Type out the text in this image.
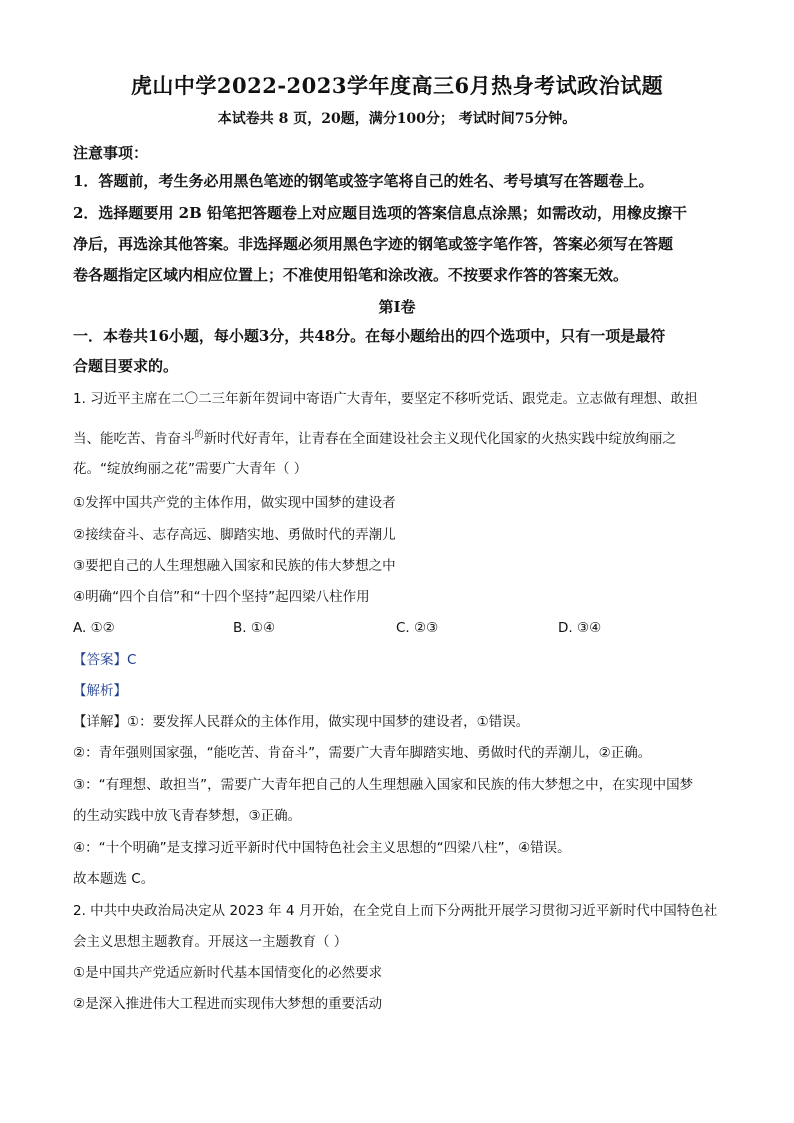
虎山中学2022-2023学年度高三6月热身考试政治试题
本试卷共 8 页，20题，满分100分； 考试时间75分钟。
注意事项：
1．答题前，考生务必用黑色笔迹的钢笔或签字笔将自己的姓名、考号填写在答题卷上。
2．选择题要用 2B 铅笔把答题卷上对应题目选项的答案信息点涂黑；如需改动，用橡皮擦干
净后，再选涂其他答案。非选择题必须用黑色字迹的钢笔或签字笔作答，答案必须写在答题
卷各题指定区域内相应位置上；不准使用铅笔和涂改液。不按要求作答的答案无效。
第Ⅰ卷
一．本卷共16小题，每小题3分，共48分。在每小题给出的四个选项中，只有一项是最符
合题目要求的。
1. 习近平主席在二〇二三年新年贺词中寄语广大青年，要坚定不移听党话、跟党走。立志做有理想、敢担
当、能吃苦、肯奋斗$^的$新时代好青年，让青春在全面建设社会主义现代化国家的火热实践中绽放绚丽之
花。“绽放绚丽之花”需要广大青年（ ）
①发挥中国共产党的主体作用，做实现中国梦的建设者
②接续奋斗、志存高远、脚踏实地、勇做时代的弄潮儿
③要把自己的人生理想融入国家和民族的伟大梦想之中
④明确“四个自信”和“十四个坚持”起四梁八柱作用
A. ①②	B. ①④	C. ②③	D. ③④
【答案】C
【解析】
【详解】①：要发挥人民群众的主体作用，做实现中国梦的建设者，①错误。
②：青年强则国家强，“能吃苦、肯奋斗”，需要广大青年脚踏实地、勇做时代的弄潮儿，②正确。
③：“有理想、敢担当”，需要广大青年把自己的人生理想融入国家和民族的伟大梦想之中，在实现中国梦
的生动实践中放飞青春梦想，③正确。
④：“十个明确”是支撑习近平新时代中国特色社会主义思想的“四梁八柱”，④错误。
故本题选 C。
2. 中共中央政治局决定从 2023 年 4 月开始，在全党自上而下分两批开展学习贯彻习近平新时代中国特色社
会主义思想主题教育。开展这一主题教育（ ）
①是中国共产党适应新时代基本国情变化的必然要求
②是深入推进伟大工程进而实现伟大梦想的重要活动
